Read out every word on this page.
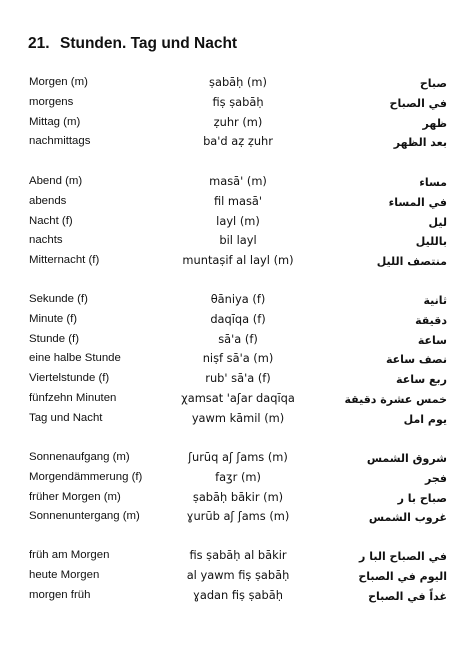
21. Stunden. Tag und Nacht
Morgen (m)	ṣabāḥ (m)	صباح
morgens	fiṣ ṣabāḥ	في الصباح
Mittag (m)	ẓuhr (m)	ظهر
nachmittags	ba'd aẓ ẓuhr	بعد الظهر
Abend (m)	masā' (m)	مساء
abends	fil masā'	في المساء
Nacht (f)	layl (m)	ليل
nachts	bil layl	بالليل
Mitternacht (f)	muntaṣif al layl (m)	منتصف الليل
Sekunde (f)	θāniya (f)	ثانية
Minute (f)	daqīqa (f)	دقيقة
Stunde (f)	sā'a (f)	ساعة
eine halbe Stunde	niṣf sā'a (m)	نصف ساعة
Viertelstunde (f)	rub' sā'a (f)	ربع ساعة
fünfzehn Minuten	χamsat 'aʃar daqīqa	خمس عشرة دقيقة
Tag und Nacht	yawm kāmil (m)	يوم امل
Sonnenaufgang (m)	ʃurūq aʃ ʃams (m)	شروق الشمس
Morgendämmerung (f)	faʒr (m)	فجر
früher Morgen (m)	ṣabāḥ bākir (m)	صباح با ر
Sonnenuntergang (m)	ɣurūb aʃ ʃams (m)	غروب الشمس
früh am Morgen	fis ṣabāḥ al bākir	في الصباح البا ر
heute Morgen	al yawm fiṣ ṣabāḥ	اليوم في الصباح
morgen früh	ɣadan fiṣ ṣabāḥ	غداً في الصباح
